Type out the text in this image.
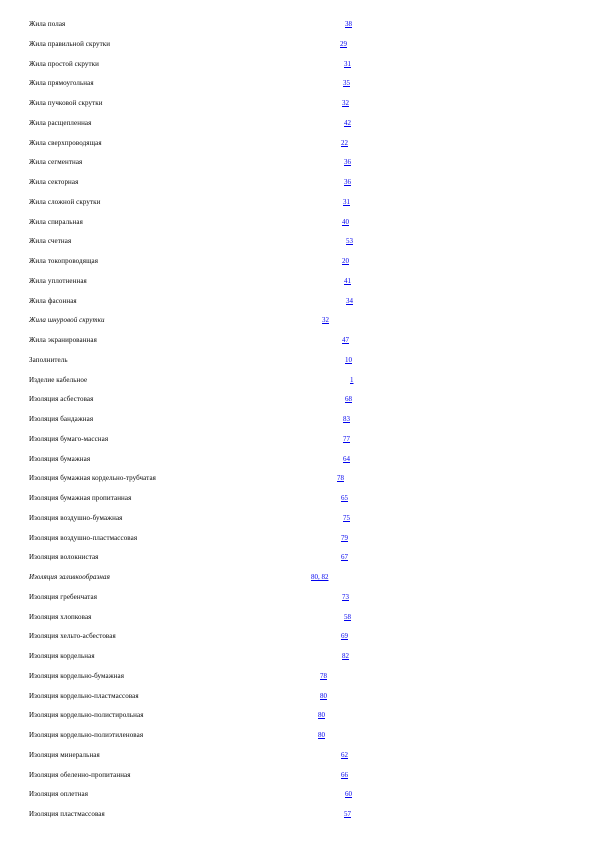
Жила полая	38
Жила правильной скрутки	29
Жила простой скрутки	31
Жила прямоугольная	35
Жила пучковой скрутки	32
Жила расщепленная	42
Жила сверхпроводящая	22
Жила сегментная	36
Жила секторная	36
Жила сложной скрутки	31
Жила спиральная	40
Жила счетная	53
Жила токопроводящая	20
Жила уплотненная	41
Жила фасонная	34
Жила шнуровой скрутки	32
Жила экранированная	47
Заполнитель	10
Изделие кабельное	1
Изоляция асбестовая	68
Изоляция бандажная	83
Изоляция бумаго-массная	77
Изоляция бумажная	64
Изоляция бумажная кордельно-трубчатая	78
Изоляция бумажная пропитанная	65
Изоляция воздушно-бумажная	75
Изоляция воздушно-пластмассовая	79
Изоляция волокнистая	67
Изоляция заливкообразная	80, 82
Изоляция гребенчатая	73
Изоляция хлопковая	58
Изоляция хельто-асбестовая	69
Изоляция кордельная	82
Изоляция кордельно-бумажная	78
Изоляция кордельно-пластмассовая	80
Изоляция кордельно-полистирольная	80
Изоляция кордельно-полиэтиленовая	80
Изоляция минеральная	62
Изоляция обеленно-пропитанная	66
Изоляция оплетная	60
Изоляция пластмассовая	57
